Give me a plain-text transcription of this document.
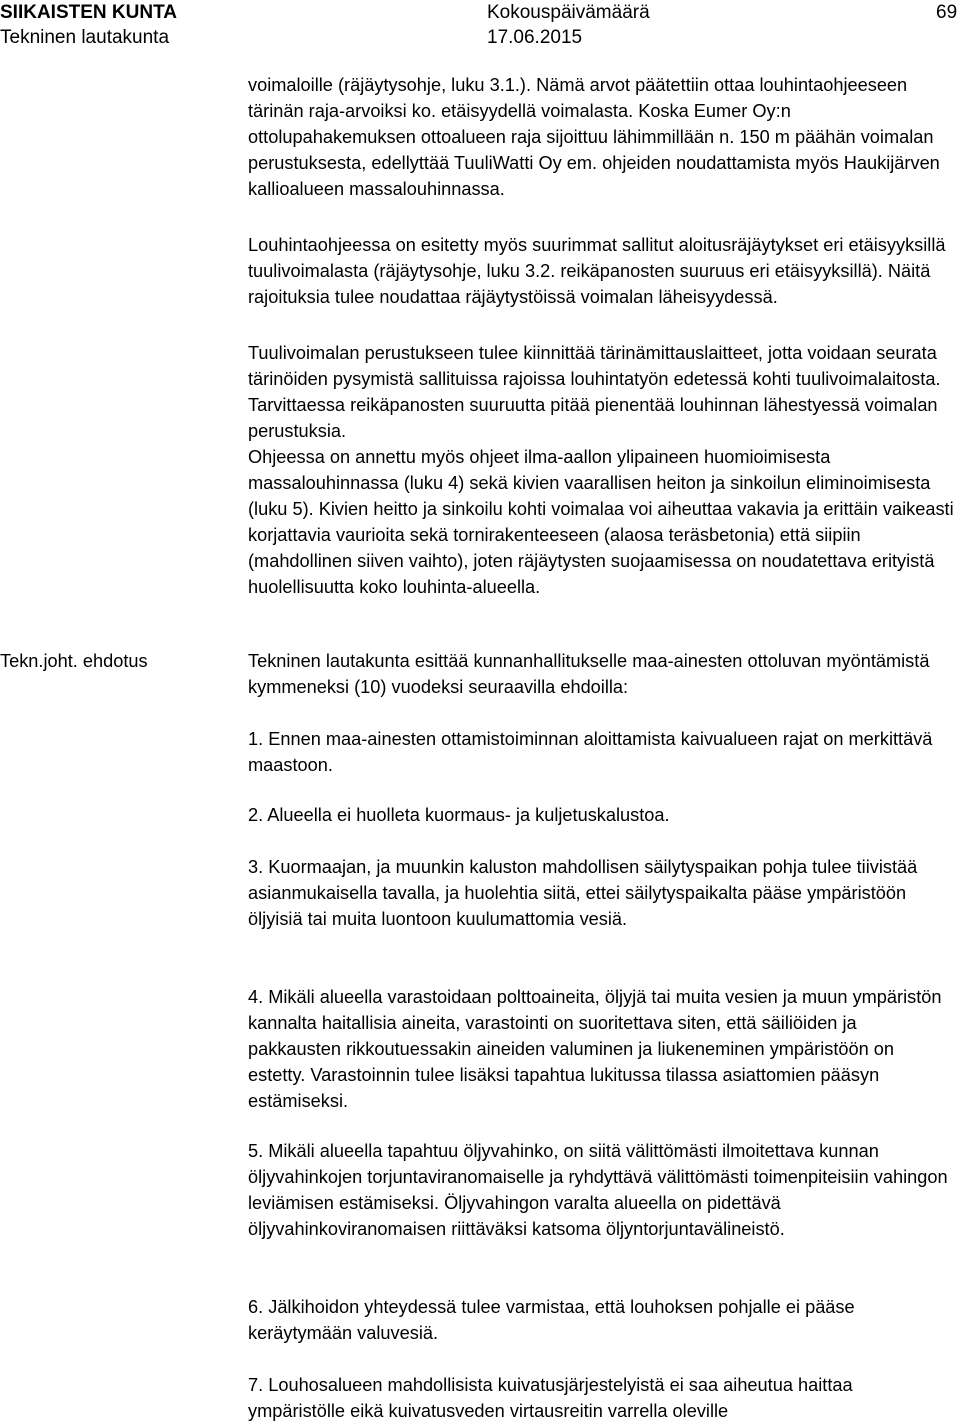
SIIKAISTEN KUNTA
Tekninen lautakunta
Kokouspäivämäärä
17.06.2015
69

voimaloille (räjäytysohje, luku 3.1.). Nämä arvot päätettiin ottaa louhintaohjeeseen tärinän raja-arvoiksi ko. etäisyydellä voimalasta. Koska Eumer Oy:n ottolupahakemuksen ottoalueen raja sijoittuu lähimmillään n. 150 m päähän voimalan perustuksesta, edellyttää TuuliWatti Oy em. ohjeiden noudattamista myös Haukijärven kallioalueen massalouhinnassa.

Louhintaohjeessa on esitetty myös suurimmat sallitut aloitusräjäytykset eri etäisyyksillä tuulivoimalasta (räjäytysohje, luku 3.2. reikäpanosten suuruus eri etäisyyksillä). Näitä rajoituksia tulee noudattaa räjäytystöissä voimalan läheisyydessä.

Tuulivoimalan perustukseen tulee kiinnittää tärinämittauslaitteet, jotta voidaan seurata tärinöiden pysymistä sallituissa rajoissa louhintatyön edetessä kohti tuulivoimalaitosta. Tarvittaessa reikäpanosten suuruutta pitää pienentää louhinnan lähestyessä voimalan perustuksia.

Ohjeessa on annettu myös ohjeet ilma-aallon ylipaineen huomioimisesta massalouhinnassa (luku 4) sekä kivien vaarallisen heiton ja sinkoilun eliminoimisesta (luku 5). Kivien heitto ja sinkoilu kohti voimalaa voi aiheuttaa vakavia ja erittäin vaikeasti korjattavia vaurioita sekä tornirakenteeseen (alaosa teräsbetonia) että siipiin (mahdollinen siiven vaihto), joten räjäytysten suojaamisessa on noudatettava erityistä huolellisuutta koko louhinta-alueella.

Tekn.joht. ehdotus	Tekninen lautakunta esittää kunnanhallitukselle maa-ainesten ottoluvan myöntämistä kymmeneksi (10) vuodeksi seuraavilla ehdoilla:

1. Ennen maa-ainesten ottamistoiminnan aloittamista kaivualueen rajat on merkittävä maastoon.

2. Alueella ei huolleta kuormaus- ja kuljetuskalustoa.

3. Kuormaajan, ja muunkin kaluston mahdollisen säilytyspaikan pohja tulee tiivistää asianmukaisella tavalla, ja huolehtia siitä, ettei säilytyspaikalta pääse ympäristöön öljyisiä tai muita luontoon kuulumattomia vesiä.

4. Mikäli alueella varastoidaan polttoaineita, öljyjä tai muita vesien ja muun ympäristön kannalta haitallisia aineita, varastointi on suoritettava siten, että säiliöiden ja pakkausten rikkoutuessakin aineiden valuminen ja liukeneminen ympäristöön on estetty. Varastoinnin tulee lisäksi tapahtua lukitussa tilassa asiattomien pääsyn estämiseksi.

5. Mikäli alueella tapahtuu öljyvahinko, on siitä välittömästi ilmoitettava kunnan öljyvahinkojen torjuntaviranomaiselle ja ryhdyttävä välittömästi toimenpiteisiin vahingon leviämisen estämiseksi. Öljyvahingon varalta alueella on pidettävä öljyvahinkoviranomaisen riittäväksi katsoma öljyntorjuntavälineistö.

6. Jälkihoidon yhteydessä tulee varmistaa, että louhoksen pohjalle ei pääse keräytymään valuvesiä.

7. Louhosalueen mahdollisista kuivatusjärjestelyistä ei saa aiheutua haittaa ympäristölle eikä kuivatusveden virtausreitin varrella oleville
